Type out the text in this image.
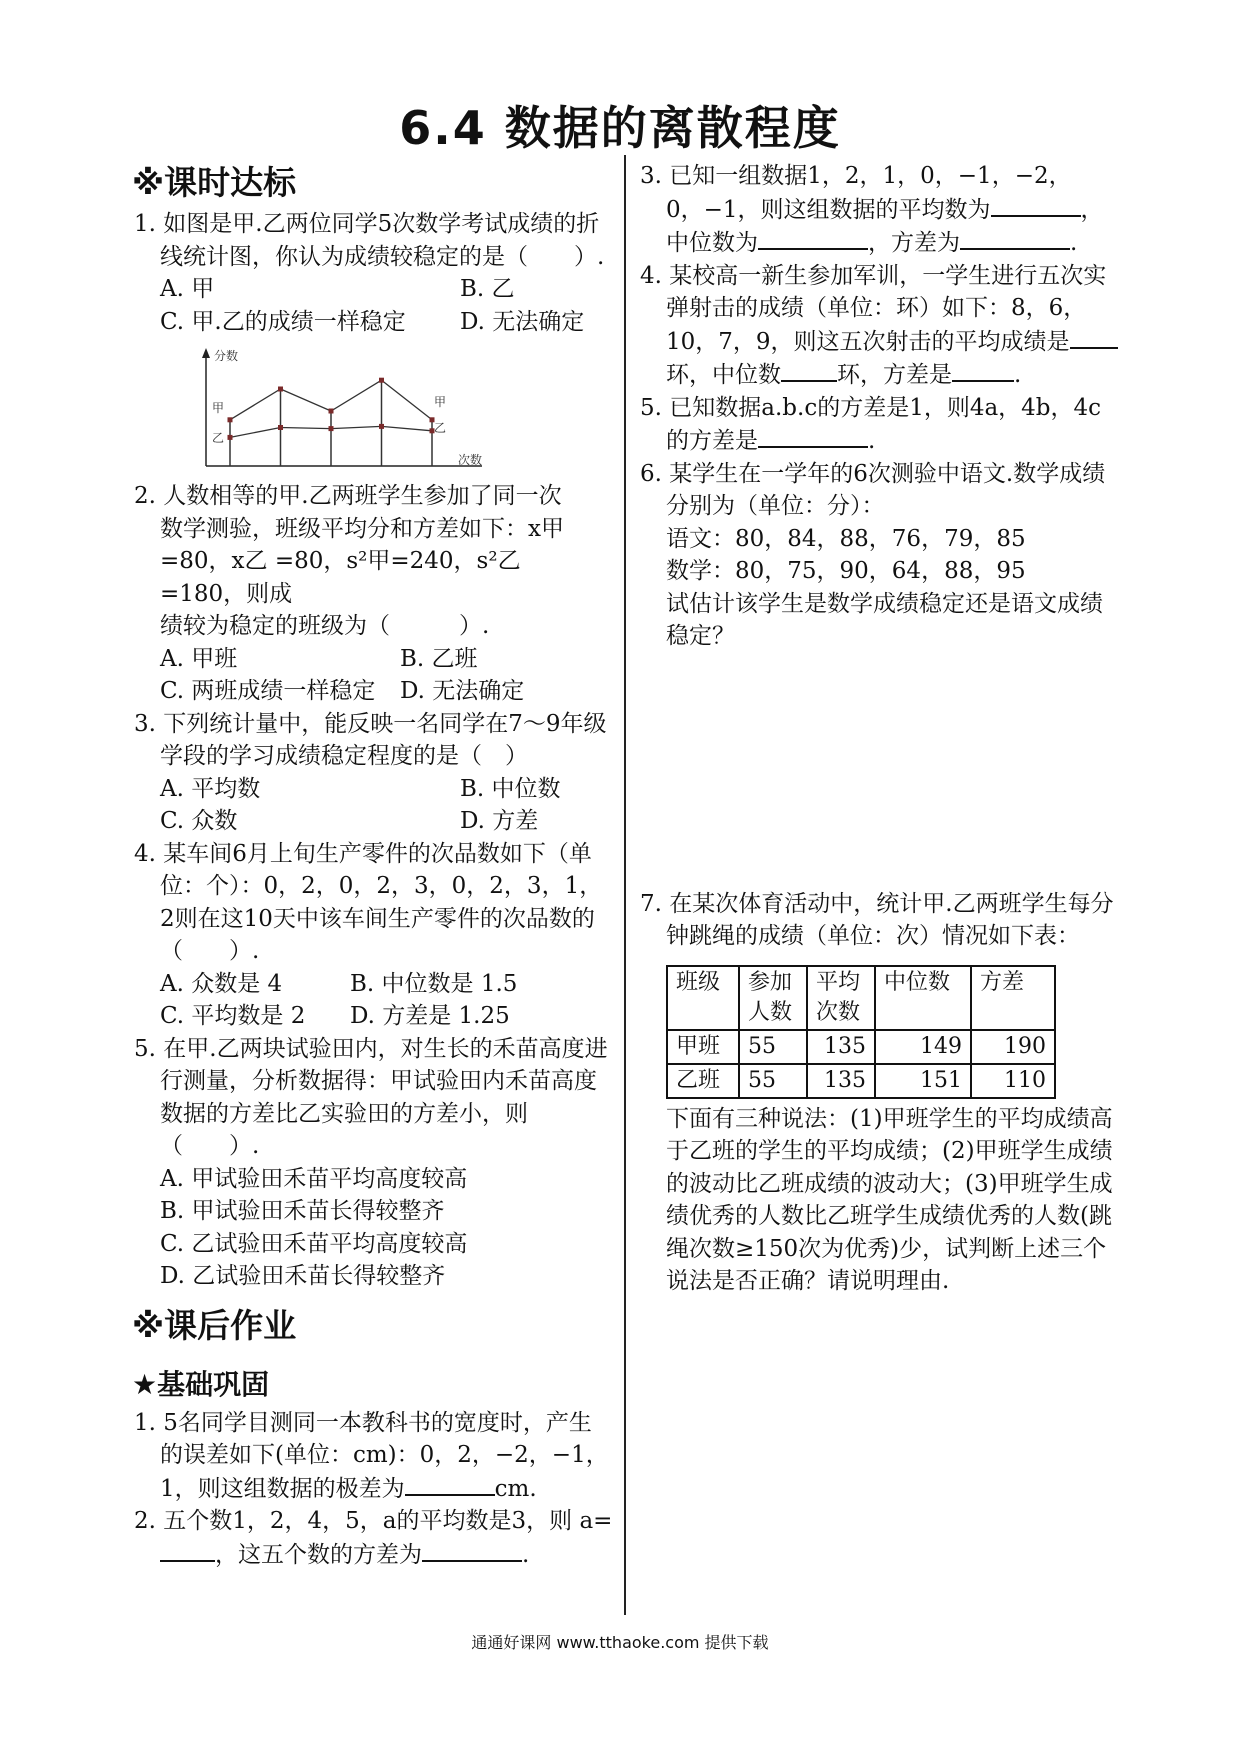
6.4 数据的离散程度
※课时达标
1. 如图是甲.乙两位同学5次数学考试成绩的折线统计图，你认为成绩较稳定的是（　　）.
A. 甲	B. 乙
C. 甲.乙的成绩一样稳定	D. 无法确定
分数
次数
甲
乙
甲
乙
2. 人数相等的甲.乙两班学生参加了同一次
数学测验，班级平均分和方差如下：x甲
=80，x乙 =80，s²甲=240，s²乙 =180，则成
绩较为稳定的班级为（　　　）.
A. 甲班	B. 乙班
C. 两班成绩一样稳定	D. 无法确定
3. 下列统计量中，能反映一名同学在7～9年级学段的学习成绩稳定程度的是（　）
A. 平均数	B. 中位数
C. 众数	D. 方差
4. 某车间6月上旬生产零件的次品数如下（单位：个）：0，2，0，2，3，0，2，3，1，2则在这10天中该车间生产零件的次品数的（　　）.
A. 众数是 4	B. 中位数是 1.5
C. 平均数是 2	D. 方差是 1.25
5. 在甲.乙两块试验田内，对生长的禾苗高度进行测量，分析数据得：甲试验田内禾苗高度数据的方差比乙实验田的方差小，则（　　）.
A. 甲试验田禾苗平均高度较高
B. 甲试验田禾苗长得较整齐
C. 乙试验田禾苗平均高度较高
D. 乙试验田禾苗长得较整齐
※课后作业
★基础巩固
1. 5名同学目测同一本教科书的宽度时，产生的误差如下(单位：cm)：0，2，−2，−1，1，则这组数据的极差为	cm.
2. 五个数1，2，4，5，a的平均数是3，则 a=，这五个数的方差为	.
3. 已知一组数据1，2，1，0，−1，−2，0，−1，则这组数据的平均数为	，中位数为	，方差为	.
4. 某校高一新生参加军训，一学生进行五次实弹射击的成绩（单位：环）如下：8，6，10，7，9，则这五次射击的平均成绩是环，中位数 环，方差是	.
5. 已知数据a.b.c的方差是1，则4a，4b，4c的方差是	.
6. 某学生在一学年的6次测验中语文.数学成绩分别为（单位：分）：
语文：80，84，88，76，79，85
数学：80，75，90，64，88，95
试估计该学生是数学成绩稳定还是语文成绩稳定？
7. 在某次体育活动中，统计甲.乙两班学生每分钟跳绳的成绩（单位：次）情况如下表：
班级	参加人数	平均次数	中位数	方差
甲班	55	135	149	190
乙班	55	135	151	110
下面有三种说法：(1)甲班学生的平均成绩高于乙班的学生的平均成绩；(2)甲班学生成绩的波动比乙班成绩的波动大；(3)甲班学生成绩优秀的人数比乙班学生成绩优秀的人数(跳绳次数≥150次为优秀)少，试判断上述三个说法是否正确？请说明理由.
通通好课网 www.tthaoke.com 提供下载
